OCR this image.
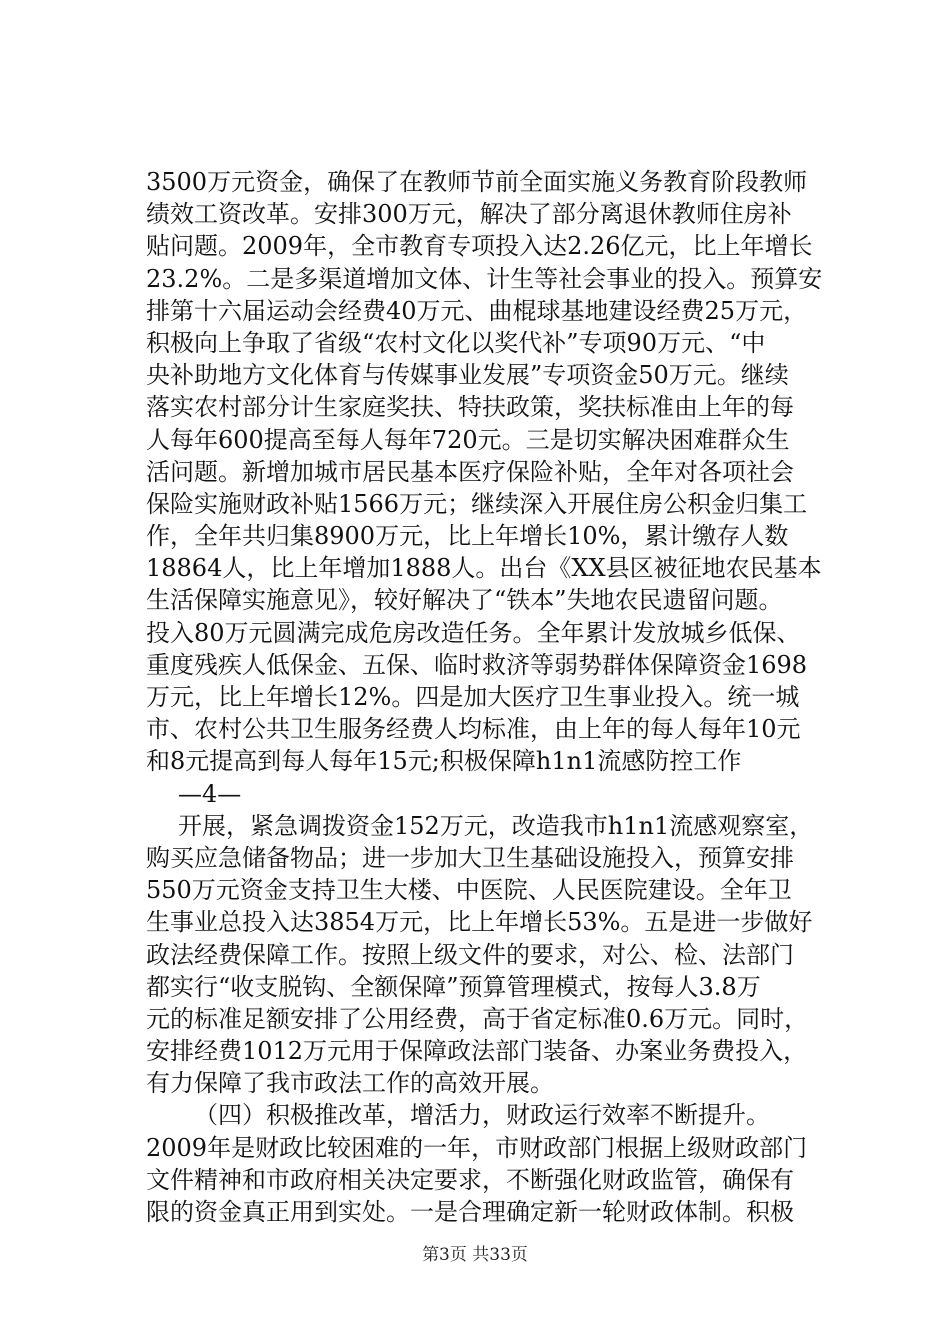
3500万元资金，确保了在教师节前全面实施义务教育阶段教师
绩效工资改革。安排300万元，解决了部分离退休教师住房补
贴问题。2009年，全市教育专项投入达2.26亿元，比上年增长
23.2%。二是多渠道增加文体、计生等社会事业的投入。预算安
排第十六届运动会经费40万元、曲棍球基地建设经费25万元，
积极向上争取了省级“农村文化以奖代补”专项90万元、“中
央补助地方文化体育与传媒事业发展”专项资金50万元。继续
落实农村部分计生家庭奖扶、特扶政策，奖扶标准由上年的每
人每年600提高至每人每年720元。三是切实解决困难群众生
活问题。新增加城市居民基本医疗保险补贴，全年对各项社会
保险实施财政补贴1566万元；继续深入开展住房公积金归集工
作，全年共归集8900万元，比上年增长10%，累计缴存人数
18864人，比上年增加1888人。出台《XX县区被征地农民基本
生活保障实施意见》，较好解决了“铁本”失地农民遗留问题。
投入80万元圆满完成危房改造任务。全年累计发放城乡低保、
重度残疾人低保金、五保、临时救济等弱势群体保障资金1698
万元，比上年增长12%。四是加大医疗卫生事业投入。统一城
市、农村公共卫生服务经费人均标准，由上年的每人每年10元
和8元提高到每人每年15元;积极保障h1n1流感防控工作
—4—
开展，紧急调拨资金152万元，改造我市h1n1流感观察室，
购买应急储备物品；进一步加大卫生基础设施投入，预算安排
550万元资金支持卫生大楼、中医院、人民医院建设。全年卫
生事业总投入达3854万元，比上年增长53%。五是进一步做好
政法经费保障工作。按照上级文件的要求，对公、检、法部门
都实行“收支脱钩、全额保障”预算管理模式，按每人3.8万
元的标准足额安排了公用经费，高于省定标准0.6万元。同时，
安排经费1012万元用于保障政法部门装备、办案业务费投入，
有力保障了我市政法工作的高效开展。
（四）积极推改革，增活力，财政运行效率不断提升。
2009年是财政比较困难的一年，市财政部门根据上级财政部门
文件精神和市政府相关决定要求，不断强化财政监管，确保有
限的资金真正用到实处。一是合理确定新一轮财政体制。积极
第3页 共33页
